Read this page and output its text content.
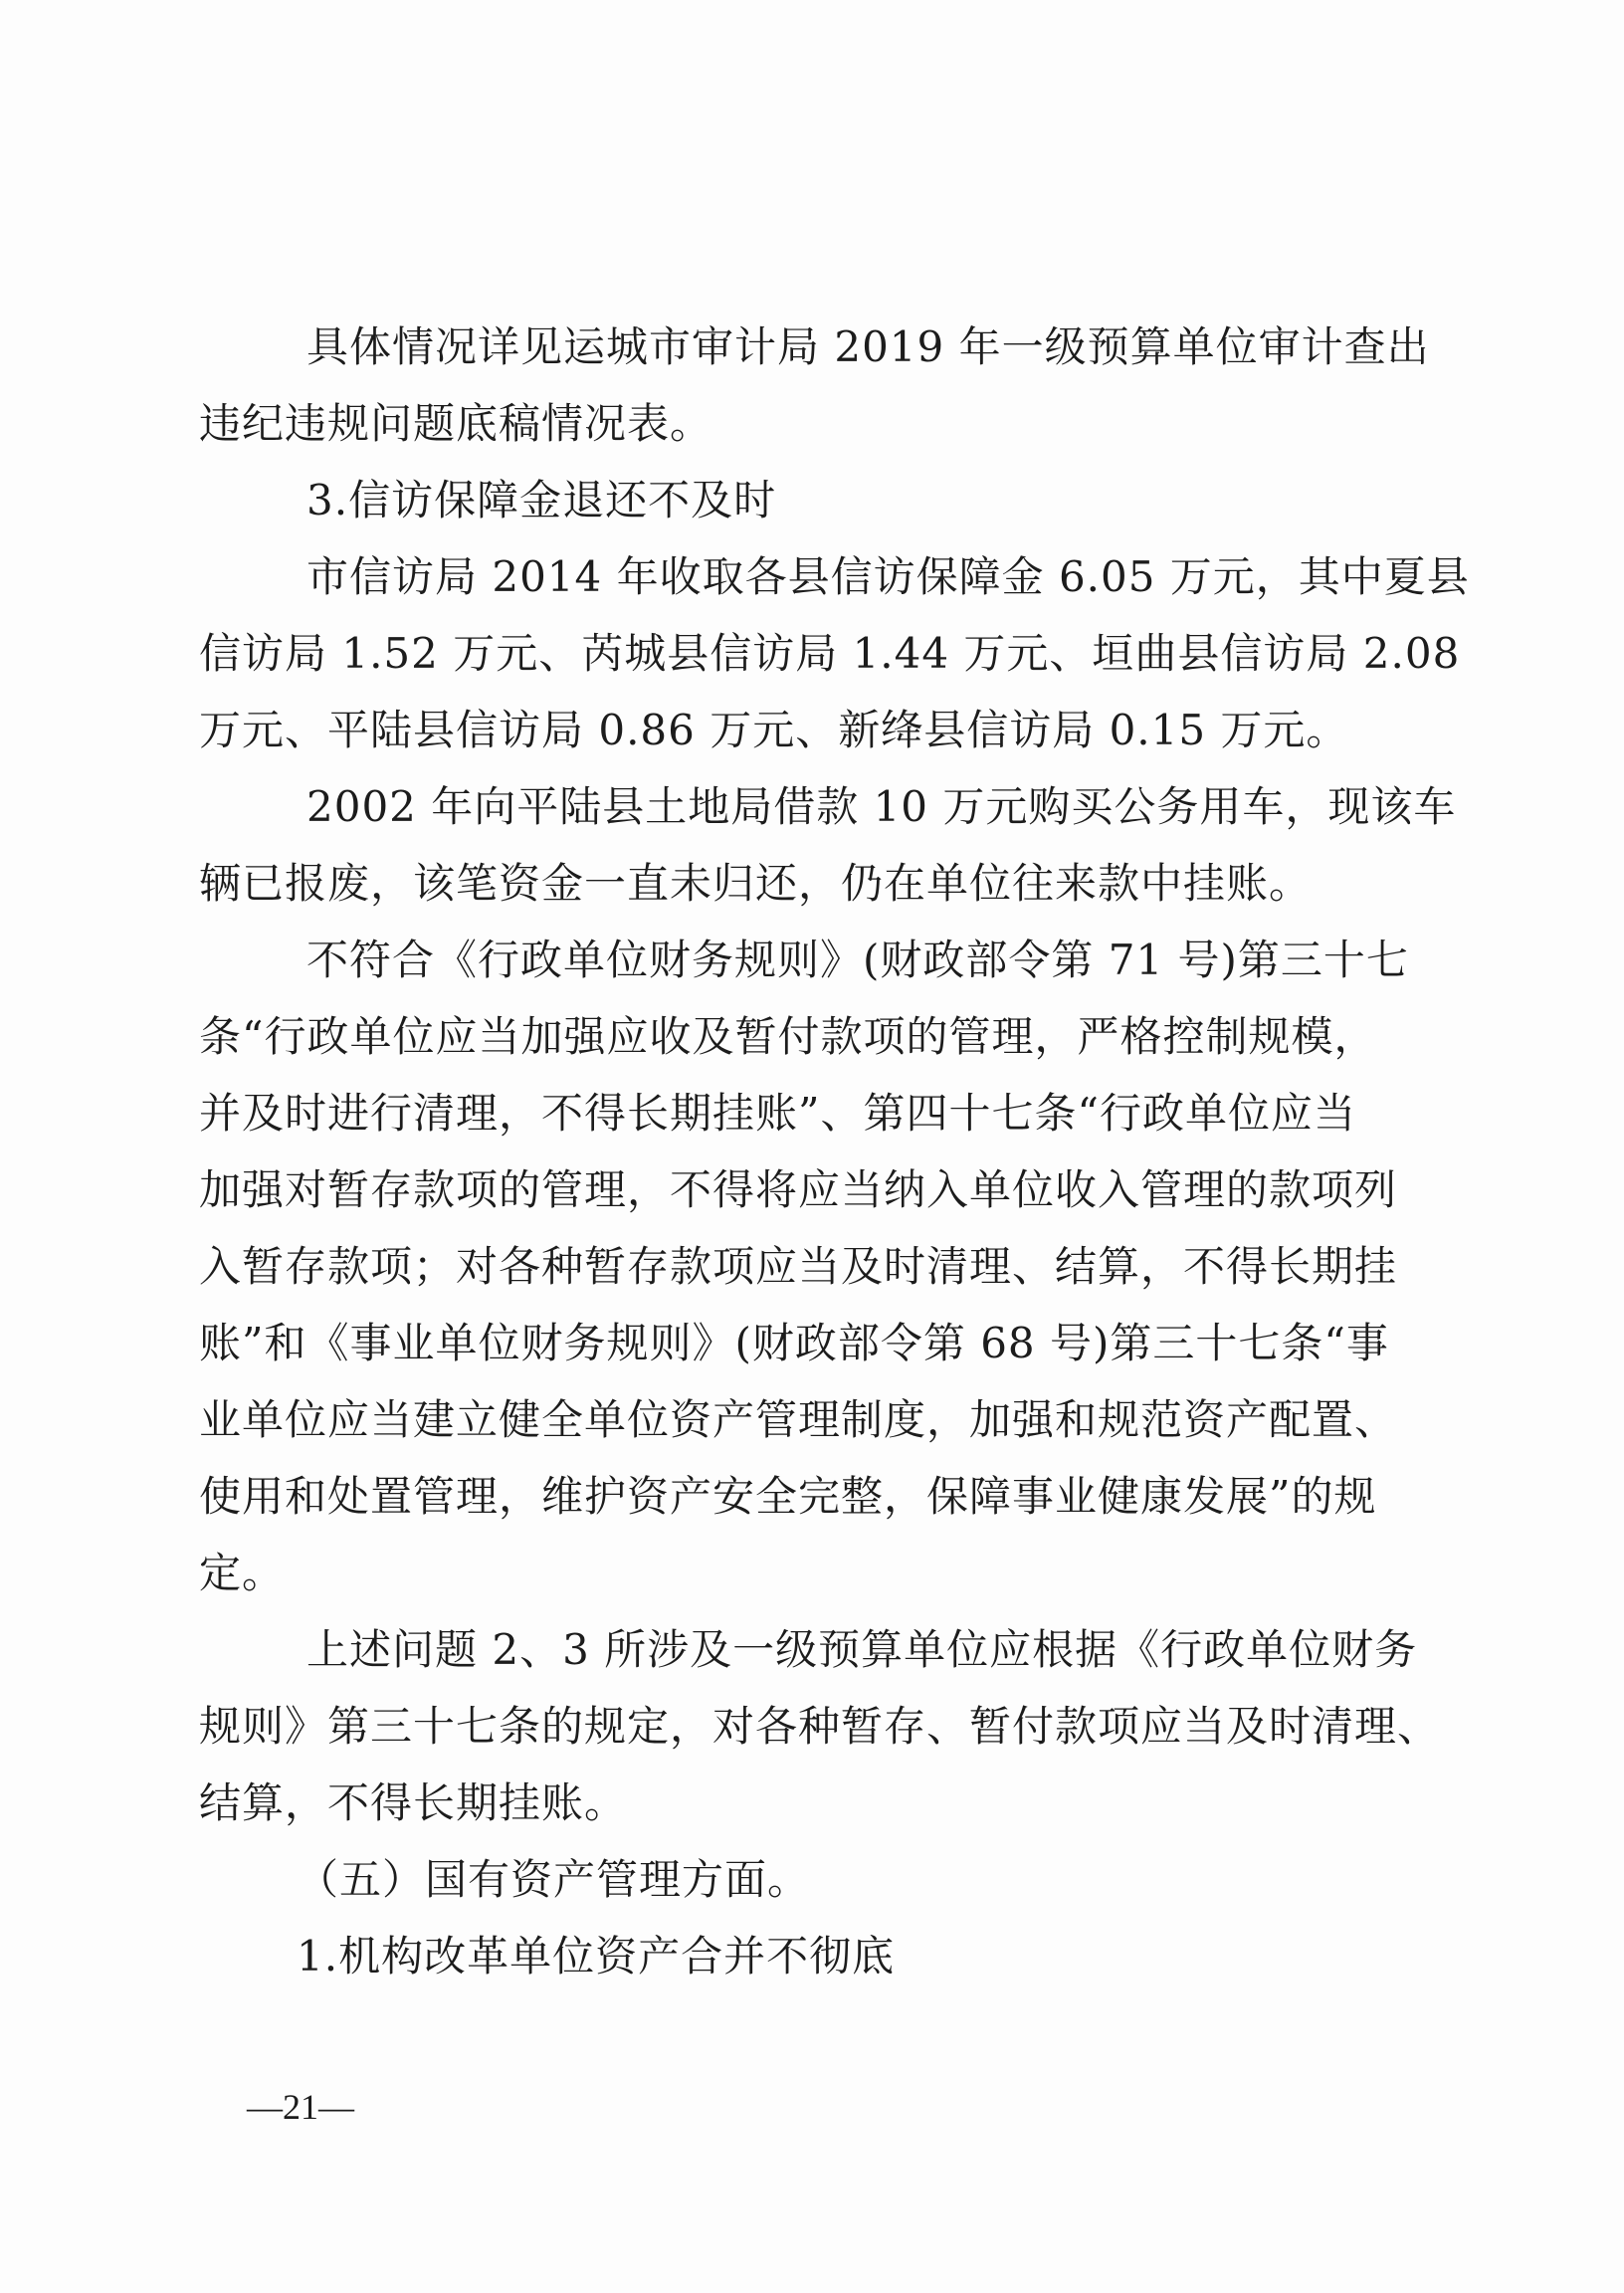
具体情况详见运城市审计局 2019 年一级预算单位审计查出

违纪违规问题底稿情况表。

3.信访保障金退还不及时

市信访局 2014 年收取各县信访保障金 6.05 万元，其中夏县

信访局 1.52 万元、芮城县信访局 1.44 万元、垣曲县信访局 2.08

万元、平陆县信访局 0.86 万元、新绛县信访局 0.15 万元。

2002 年向平陆县土地局借款 10 万元购买公务用车，现该车

辆已报废，该笔资金一直未归还，仍在单位往来款中挂账。

不符合《行政单位财务规则》(财政部令第 71 号)第三十七

条“行政单位应当加强应收及暂付款项的管理，严格控制规模，

并及时进行清理，不得长期挂账”、第四十七条“行政单位应当

加强对暂存款项的管理，不得将应当纳入单位收入管理的款项列

入暂存款项；对各种暂存款项应当及时清理、结算，不得长期挂

账”和《事业单位财务规则》(财政部令第 68 号)第三十七条“事

业单位应当建立健全单位资产管理制度，加强和规范资产配置、

使用和处置管理，维护资产安全完整，保障事业健康发展”的规

定。

上述问题 2、3 所涉及一级预算单位应根据《行政单位财务

规则》第三十七条的规定，对各种暂存、暂付款项应当及时清理、

结算，不得长期挂账。

（五）国有资产管理方面。

1.机构改革单位资产合并不彻底

—21—
